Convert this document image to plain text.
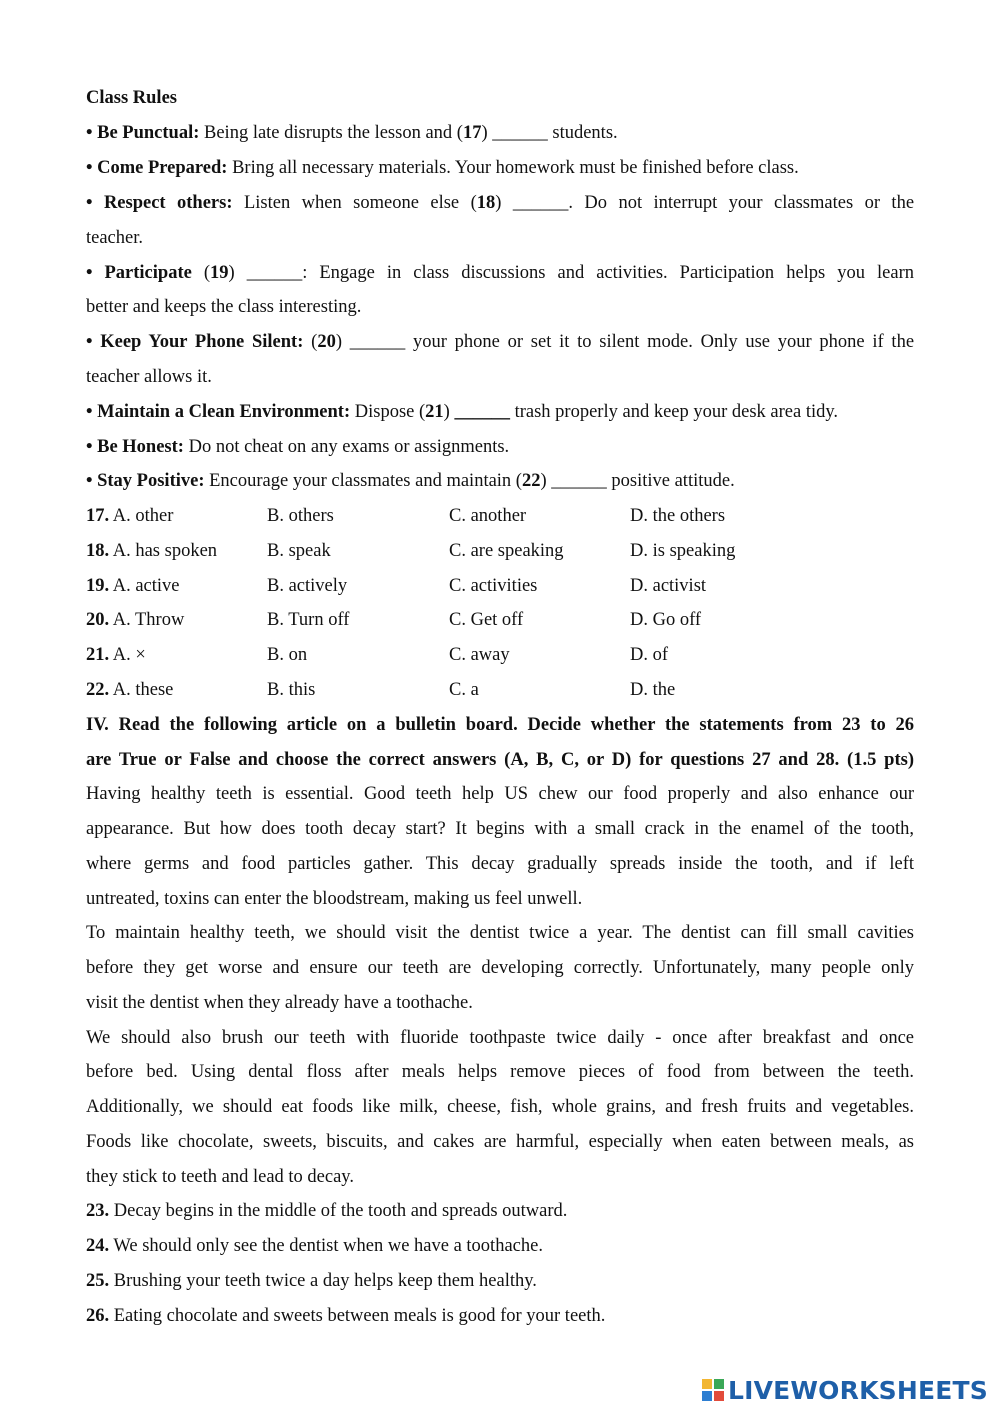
Class Rules
• Be Punctual: Being late disrupts the lesson and (17) ______ students.
• Come Prepared: Bring all necessary materials. Your homework must be finished before class.
• Respect others: Listen when someone else (18) ______. Do not interrupt your classmates or the
teacher.
• Participate (19) ______: Engage in class discussions and activities. Participation helps you learn
better and keeps the class interesting.
• Keep Your Phone Silent: (20) ______ your phone or set it to silent mode. Only use your phone if the
teacher allows it.
• Maintain a Clean Environment: Dispose (21) ______ trash properly and keep your desk area tidy.
• Be Honest: Do not cheat on any exams or assignments.
• Stay Positive: Encourage your classmates and maintain (22) ______ positive attitude.
17. A. other	B. others	C. another	D. the others
18. A. has spoken	B. speak	C. are speaking	D. is speaking
19. A. active	B. actively	C. activities	D. activist
20. A. Throw	B. Turn off	C. Get off	D. Go off
21. A. ×	B. on	C. away	D. of
22. A. these	B. this	C. a	D. the
IV. Read the following article on a bulletin board. Decide whether the statements from 23 to 26
are True or False and choose the correct answers (A, B, C, or D) for questions 27 and 28. (1.5 pts)
Having healthy teeth is essential. Good teeth help US chew our food properly and also enhance our
appearance. But how does tooth decay start? It begins with a small crack in the enamel of the tooth,
where germs and food particles gather. This decay gradually spreads inside the tooth, and if left
untreated, toxins can enter the bloodstream, making us feel unwell.
To maintain healthy teeth, we should visit the dentist twice a year. The dentist can fill small cavities
before they get worse and ensure our teeth are developing correctly. Unfortunately, many people only
visit the dentist when they already have a toothache.
We should also brush our teeth with fluoride toothpaste twice daily - once after breakfast and once
before bed. Using dental floss after meals helps remove pieces of food from between the teeth.
Additionally, we should eat foods like milk, cheese, fish, whole grains, and fresh fruits and vegetables.
Foods like chocolate, sweets, biscuits, and cakes are harmful, especially when eaten between meals, as
they stick to teeth and lead to decay.
23. Decay begins in the middle of the tooth and spreads outward.
24. We should only see the dentist when we have a toothache.
25. Brushing your teeth twice a day helps keep them healthy.
26. Eating chocolate and sweets between meals is good for your teeth.
LIVEWORKSHEETS
